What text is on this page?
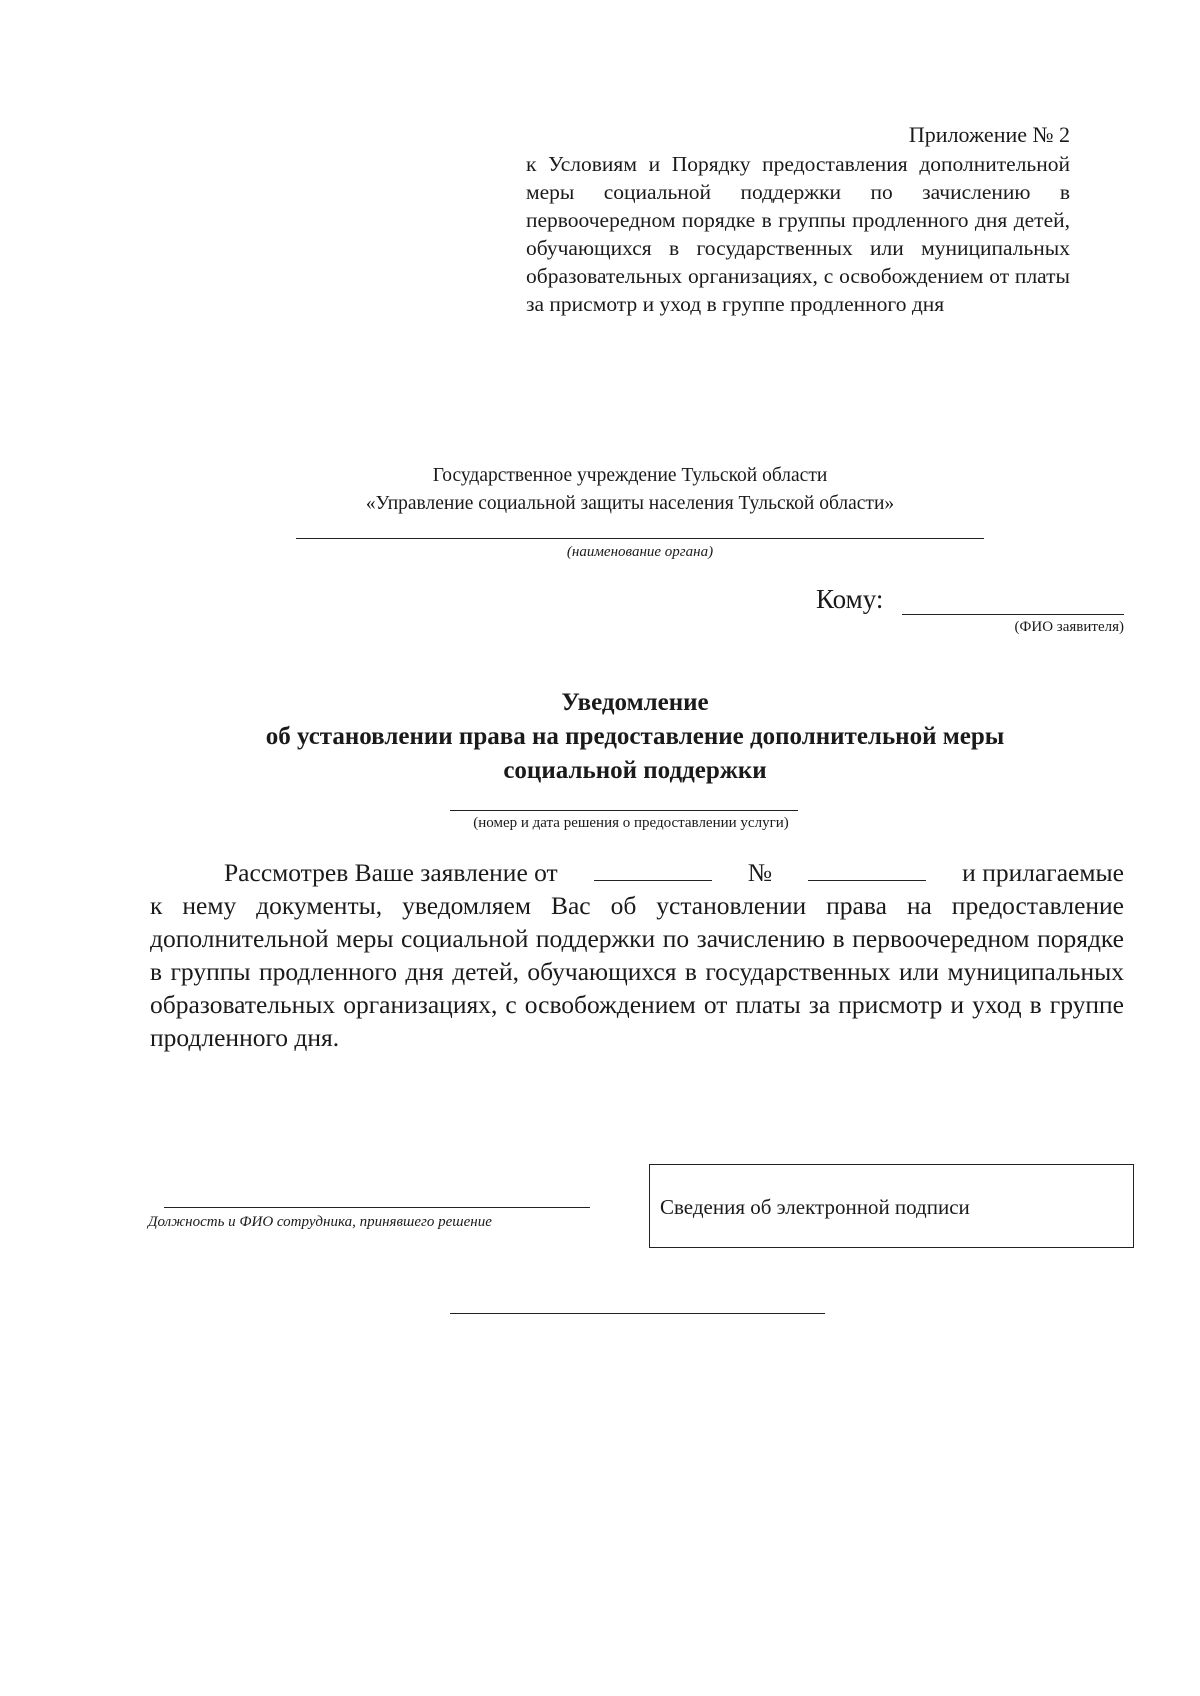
Приложение № 2
к Условиям и Порядку предоставления дополнительной меры социальной поддержки по зачислению в первоочередном порядке в группы продленного дня детей, обучающихся в государственных или муниципальных образовательных организациях, с освобождением от платы за присмотр и уход в группе продленного дня
Государственное учреждение Тульской области
«Управление социальной защиты населения Тульской области»
(наименование органа)
Кому:
(ФИО заявителя)
Уведомление
об установлении права на предоставление дополнительной меры
социальной поддержки
(номер и дата решения о предоставлении услуги)
Рассмотрев Ваше заявление от	№	и прилагаемые

к нему документы, уведомляем Вас об установлении права на предоставление дополнительной меры социальной поддержки по зачислению в первоочередном порядке в группы продленного дня детей, обучающихся в государственных или муниципальных образовательных организациях, с освобождением от платы за присмотр и уход в группе продленного дня.

Должность и ФИО сотрудника, принявшего решение
Сведения об электронной подписи
